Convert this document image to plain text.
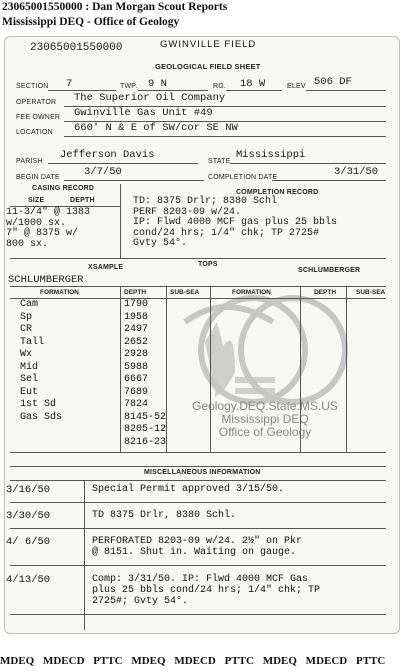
23065001550000 : Dan Morgan Scout Reports
Mississippi DEQ - Office of Geology
Geology.DEQ.State.MS.US
Mississippi DEQ
Office of Geology
23065001550000	GWINVILLE FIELD
GEOLOGICAL FIELD SHEET
SECTION 7	TWP. 9 N	RG. 18 W	ELEV 506 DF
OPERATOR The Superior Oil Company
FEE OWNER Gwinville Gas Unit #49
LOCATION 660' N & E of SW/cor SE NW
PARISH
Jefferson Davis
STATE
Mississippi
BEGIN DATE 3/7/50	COMPLETION DATE	3/31/50
CASING RECORD
SIZE	DEPTH
11-3/4" @ 1383
w/1000 sx.
7" @ 8375 w/
800 sx.
COMPLETION RECORD
TD: 8375 Drlr; 8380 Schl
PERF 8203-09 w/24.
IP: Flwd 4000 MCF gas plus 25 bbls
cond/24 hrs; 1/4" chk; TP 2725#
Gvty 54°.
XSAMPLE	TOPS
SCHLUMBERGER
SCHLUMBERGER
FORMATION	DEPTH	SUB-SEA	FORMATION	DEPTH	SUB-SEA
Cam	1790
Sp	1958
CR	2497
Tall	2652
Wx	2928
Mid	5988
Sel	6667
Eut	7689
1st Sd	7824
Gas Sds	8145-52
8205-12
8216-23
MISCELLANEOUS INFORMATION
3/16/50	Special Permit approved 3/15/50.
3/30/50	TD 8375 Drlr, 8380 Schl.
4/ 6/50	PERFORATED 8203-09 w/24. 2½" on Pkr
@ 8151. Shut in. Waiting on gauge.
4/13/50	Comp: 3/31/50. IP: Flwd 4000 MCF Gas
plus 25 bbls cond/24 hrs; 1/4" chk; TP
2725#; Gvty 54°.
MDEQ MDECD PTTC MDEQ MDECD PTTC MDEQ MDECD PTTC
